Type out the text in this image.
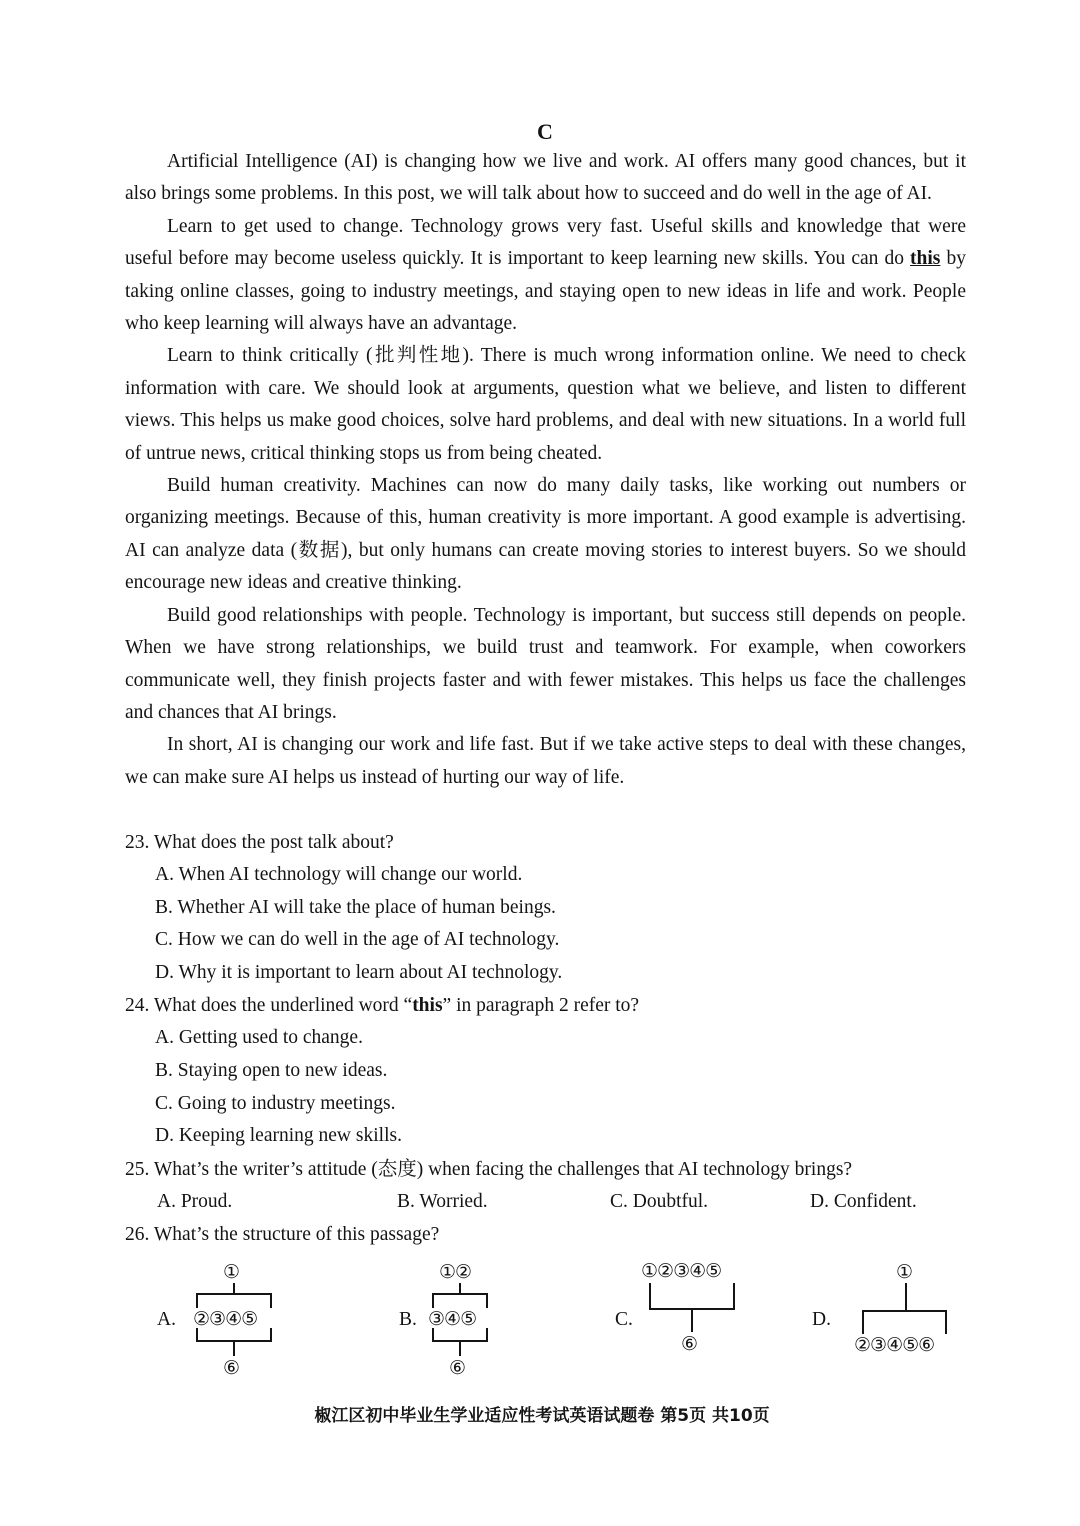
C

Artificial Intelligence (AI) is changing how we live and work. AI offers many good chances, but it also brings some problems. In this post, we will talk about how to succeed and do well in the age of AI.

Learn to get used to change. Technology grows very fast. Useful skills and knowledge that were useful before may become useless quickly. It is important to keep learning new skills. You can do this by taking online classes, going to industry meetings, and staying open to new ideas in life and work. People who keep learning will always have an advantage.

Learn to think critically (批判性地). There is much wrong information online. We need to check information with care. We should look at arguments, question what we believe, and listen to different views. This helps us make good choices, solve hard problems, and deal with new situations. In a world full of untrue news, critical thinking stops us from being cheated.

Build human creativity. Machines can now do many daily tasks, like working out numbers or organizing meetings. Because of this, human creativity is more important. A good example is advertising. AI can analyze data (数据), but only humans can create moving stories to interest buyers. So we should encourage new ideas and creative thinking.

Build good relationships with people. Technology is important, but success still depends on people. When we have strong relationships, we build trust and teamwork. For example, when coworkers communicate well, they finish projects faster and with fewer mistakes. This helps us face the challenges and chances that AI brings.

In short, AI is changing our work and life fast. But if we take active steps to deal with these changes, we can make sure AI helps us instead of hurting our way of life.

23. What does the post talk about?
A. When AI technology will change our world.
B. Whether AI will take the place of human beings.
C. How we can do well in the age of AI technology.
D. Why it is important to learn about AI technology.
24. What does the underlined word “this” in paragraph 2 refer to?
A. Getting used to change.
B. Staying open to new ideas.
C. Going to industry meetings.
D. Keeping learning new skills.
25. What’s the writer’s attitude (态度) when facing the challenges that AI technology brings?
A. Proud.	B. Worried.	C. Doubtful.	D. Confident.
26. What’s the structure of this passage?
A.
①
②③④⑤
⑥
B.
①②
③④⑤
⑥
C.
①②③④⑤
⑥
D.
①
②③④⑤⑥
椒江区初中毕业生学业适应性考试英语试题卷 第5页 共10页
